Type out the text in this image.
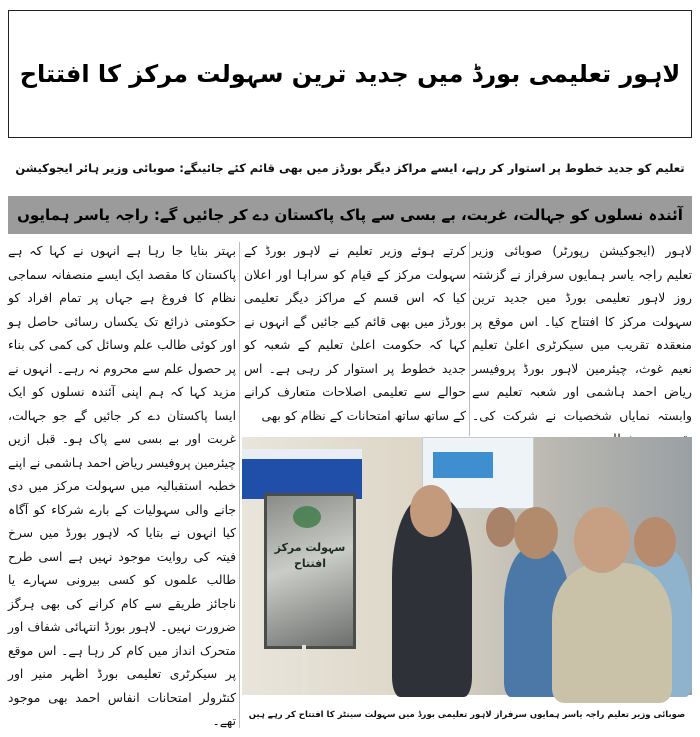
لاہور تعلیمی بورڈ میں جدید ترین سہولت مرکز کا افتتاح
تعلیم کو جدید خطوط پر استوار کر رہے، ایسے مراکز دیگر بورڈز میں بھی قائم کئے جائیںگے: صوبائی وزیر ہائر ایجوکیشن
آئندہ نسلوں کو جہالت، غربت، بے بسی سے پاک پاکستان دے کر جائیں گے: راجہ یاسر ہمایوں
لاہور (ایجوکیشن رپورٹر) صوبائی وزیر تعلیم راجہ یاسر ہمایوں سرفراز نے گزشتہ روز لاہور تعلیمی بورڈ میں جدید ترین سہولت مرکز کا افتتاح کیا۔ اس موقع پر منعقدہ تقریب میں سیکرٹری اعلیٰ تعلیم نعیم غوث، چیئرمین لاہور بورڈ پروفیسر ریاض احمد ہاشمی اور شعبہ تعلیم سے وابستہ نمایاں شخصیات نے شرکت کی۔
کرتے ہوئے وزیر تعلیم نے لاہور بورڈ کے سہولت مرکز کے قیام کو سراہا اور اعلان کیا کہ اس قسم کے مراکز دیگر تعلیمی بورڈز میں بھی قائم کیے جائیں گے انہوں نے کہا کہ حکومت اعلیٰ تعلیم کے شعبہ کو جدید خطوط پر استوار کر رہی ہے۔ اس حوالے سے تعلیمی اصلاحات متعارف کرانے کے ساتھ ساتھ امتحانات کے نظام کو بھی
بہتر بنایا جا رہا ہے انہوں نے کہا کہ ہے پاکستان کا مقصد ایک ایسے منصفانہ سماجی نظام کا فروغ ہے جہاں پر تمام افراد کو حکومتی ذرائع تک یکساں رسائی حاصل ہو اور کوئی طالب علم وسائل کی کمی کی بناء پر حصول علم سے محروم نہ رہے۔ انہوں نے مزید کہا کہ ہم اپنی آئندہ نسلوں کو ایک ایسا پاکستان دے کر جائیں گے جو جہالت، غربت اور بے بسی سے پاک ہو۔ قبل ازیں چیئرمین پروفیسر ریاض احمد ہاشمی نے اپنے خطبہ استقبالیہ میں سہولت مرکز میں دی جانے والی سہولیات کے بارے شرکاء کو آگاہ کیا انہوں نے بتایا کہ لاہور بورڈ میں سرخ فیتہ کی روایت موجود نہیں ہے اسی طرح طالب علموں کو کسی بیرونی سہارے یا ناجائز طریقے سے کام کرانے کی بھی ہرگز ضرورت نہیں۔ لاہور بورڈ انتہائی شفاف اور متحرک انداز میں کام کر رہا ہے۔ اس موقع پر سیکرٹری تعلیمی بورڈ اظہر منیر اور کنٹرولر امتحانات انفاس احمد بھی موجود تھے۔
سہولت مرکز افتتاح
صوبائی وزیر تعلیم راجہ یاسر ہمایوں سرفراز لاہور تعلیمی بورڈ میں سہولت سینٹر کا افتتاح کر رہے ہیں
